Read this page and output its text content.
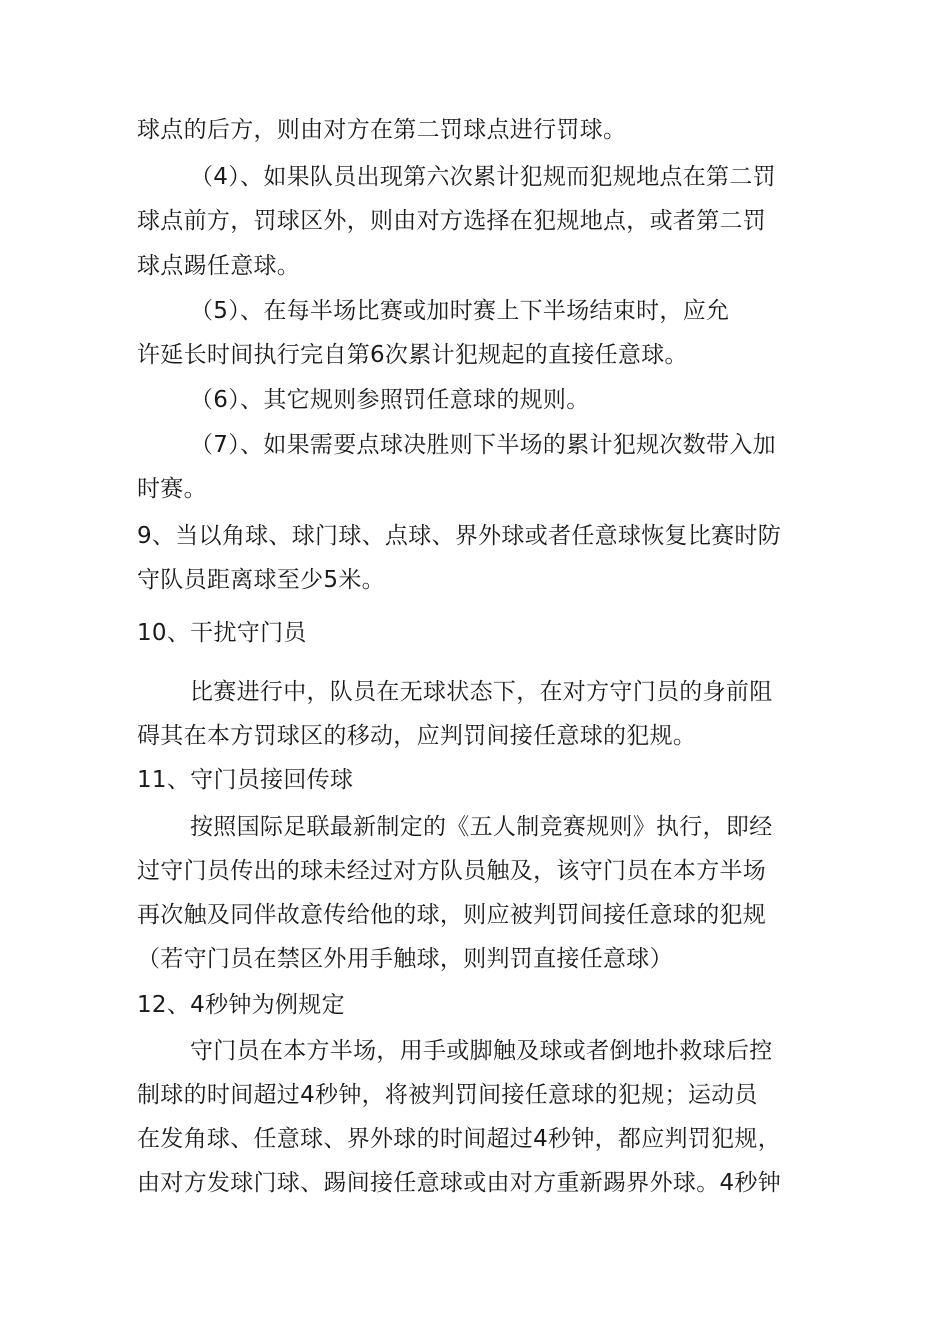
球点的后方，则由对方在第二罚球点进行罚球。
（4）、如果队员出现第六次累计犯规而犯规地点在第二罚
球点前方，罚球区外，则由对方选择在犯规地点，或者第二罚
球点踢任意球。
（5）、在每半场比赛或加时赛上下半场结束时，应允
许延长时间执行完自第6次累计犯规起的直接任意球。
（6）、其它规则参照罚任意球的规则。
（7）、如果需要点球决胜则下半场的累计犯规次数带入加
时赛。
9、当以角球、球门球、点球、界外球或者任意球恢复比赛时防
守队员距离球至少5米。
10、干扰守门员
比赛进行中，队员在无球状态下，在对方守门员的身前阻
碍其在本方罚球区的移动，应判罚间接任意球的犯规。
11、守门员接回传球
按照国际足联最新制定的《五人制竞赛规则》执行，即经
过守门员传出的球未经过对方队员触及，该守门员在本方半场
再次触及同伴故意传给他的球，则应被判罚间接任意球的犯规
（若守门员在禁区外用手触球，则判罚直接任意球）
12、4秒钟为例规定
守门员在本方半场，用手或脚触及球或者倒地扑救球后控
制球的时间超过4秒钟，将被判罚间接任意球的犯规；运动员
在发角球、任意球、界外球的时间超过4秒钟，都应判罚犯规，
由对方发球门球、踢间接任意球或由对方重新踢界外球。4秒钟
